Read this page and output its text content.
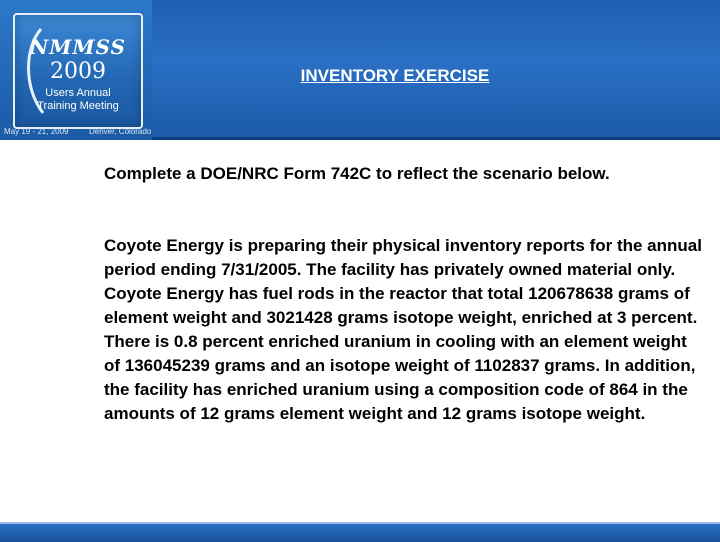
NMMSS
2009
Users Annual
Training Meeting
May 19 - 21, 2009	Denver, Colorado
INVENTORY EXERCISE

Complete a DOE/NRC Form 742C to reflect the scenario below.

Coyote Energy is preparing their physical inventory reports for the annual period ending 7/31/2005. The facility has privately owned material only. Coyote Energy has fuel rods in the reactor that total 120678638 grams of element weight and 3021428 grams isotope weight, enriched at 3 percent. There is 0.8 percent enriched uranium in cooling with an element weight of 136045239 grams and an isotope weight of 1102837 grams. In addition, the facility has enriched uranium using a composition code of 864 in the amounts of 12 grams element weight and 12 grams isotope weight.
